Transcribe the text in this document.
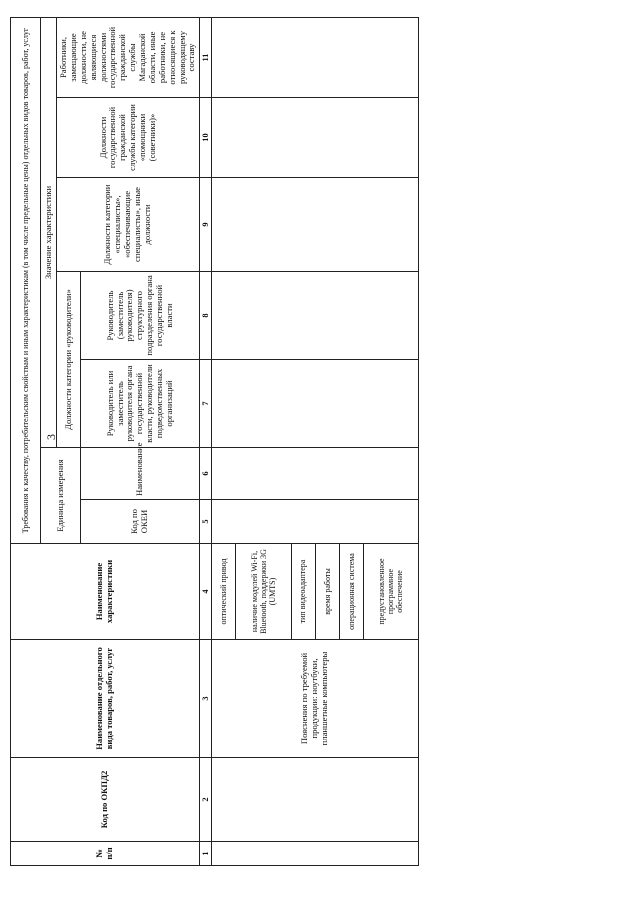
3
№ п/п	Код по ОКПД2	Наименование отдельного вида товаров, работ, услуг	Наименование характеристики	Требования к качеству, потребительским свойствам и иным характеристикам (в том числе предельные цены) отдельных видов товаров, работ, услуг						
				Единица измерения		Значение характеристики				
						Должности категории «руководители»		Должности категории «специалисты», «обеспечивающие специалисты», иные должности	Должности государственной гражданской службы категории «помощники (советники)»	Работники, замещающие должности, не являющиеся должностями государственной гражданской службы Магаданской области, иные работники, не относящиеся к руководящему составу
				Код по ОКЕИ	Наименование	Руководитель или заместитель руководителя органа государственной власти, руководители подведомственных организаций	Руководитель (заместитель руководителя) структурного подразделения органа государственной власти			
1	2	3	4	5	6	7	8	9	10	11
		Пояснения по требуемой продукции: ноутбуки, планшетные компьютеры	оптический привод							
			наличие модулей Wi-Fi, Bluetooth, поддержки 3G (UMTS)							
			тип видеоадаптера							
			время работы							
			операционная система							
			предустановленное программное обеспечение							
